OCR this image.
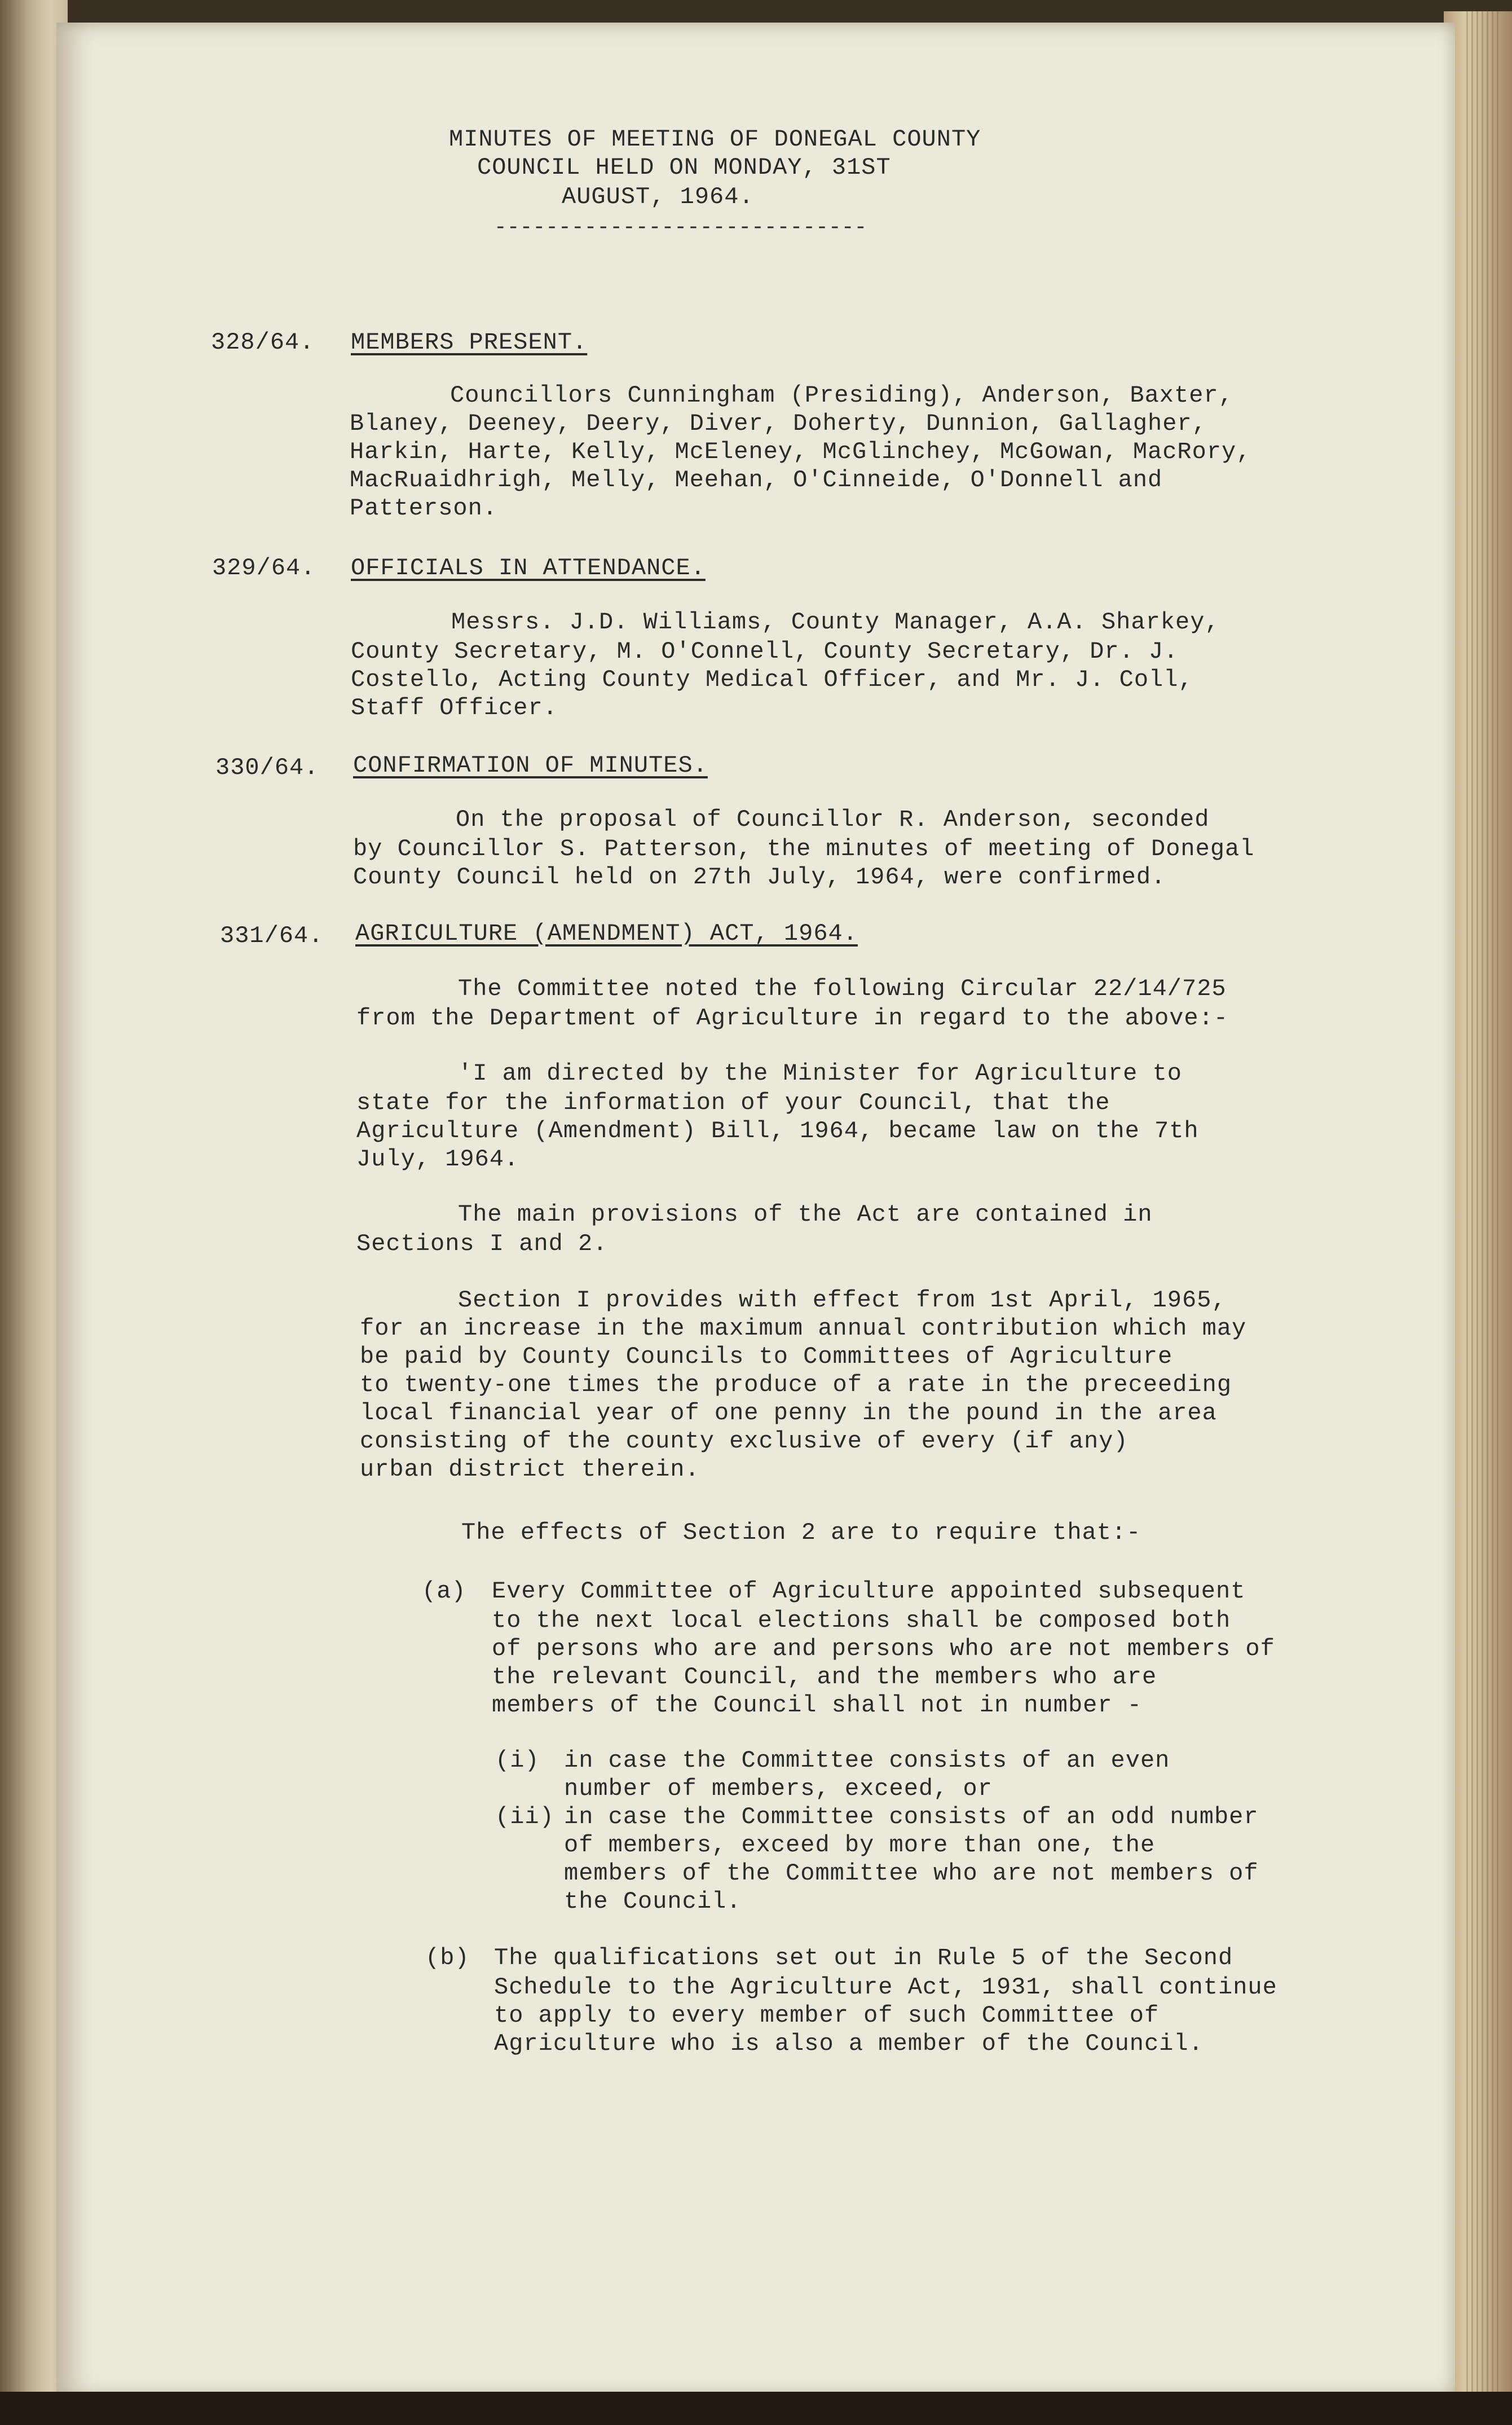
MINUTES OF MEETING OF DONEGAL COUNTY
COUNCIL HELD ON MONDAY, 31ST
AUGUST, 1964.
-----------------------------
328/64. MEMBERS PRESENT.
Councillors Cunningham (Presiding), Anderson, Baxter,
Blaney, Deeney, Deery, Diver, Doherty, Dunnion, Gallagher,
Harkin, Harte, Kelly, McEleney, McGlinchey, McGowan, MacRory,
MacRuaidhrigh, Melly, Meehan, O'Cinneide, O'Donnell and
Patterson.
329/64. OFFICIALS IN ATTENDANCE.
Messrs. J.D. Williams, County Manager, A.A. Sharkey,
County Secretary, M. O'Connell, County Secretary, Dr. J.
Costello, Acting County Medical Officer, and Mr. J. Coll,
Staff Officer.
330/64. CONFIRMATION OF MINUTES.
On the proposal of Councillor R. Anderson, seconded
by Councillor S. Patterson, the minutes of meeting of Donegal
County Council held on 27th July, 1964, were confirmed.
331/64. AGRICULTURE (AMENDMENT) ACT, 1964.
The Committee noted the following Circular 22/14/725
from the Department of Agriculture in regard to the above:-
'I am directed by the Minister for Agriculture to
state for the information of your Council, that the
Agriculture (Amendment) Bill, 1964, became law on the 7th
July, 1964.
The main provisions of the Act are contained in
Sections I and 2.
Section I provides with effect from 1st April, 1965,
for an increase in the maximum annual contribution which may
be paid by County Councils to Committees of Agriculture
to twenty-one times the produce of a rate in the preceeding
local financial year of one penny in the pound in the area
consisting of the county exclusive of every (if any)
urban district therein.
The effects of Section 2 are to require that:-
(a) Every Committee of Agriculture appointed subsequent
to the next local elections shall be composed both
of persons who are and persons who are not members of
the relevant Council, and the members who are
members of the Council shall not in number -
(i) in case the Committee consists of an even
number of members, exceed, or
(ii) in case the Committee consists of an odd number
of members, exceed by more than one, the
members of the Committee who are not members of
the Council.
(b) The qualifications set out in Rule 5 of the Second
Schedule to the Agriculture Act, 1931, shall continue
to apply to every member of such Committee of
Agriculture who is also a member of the Council.
